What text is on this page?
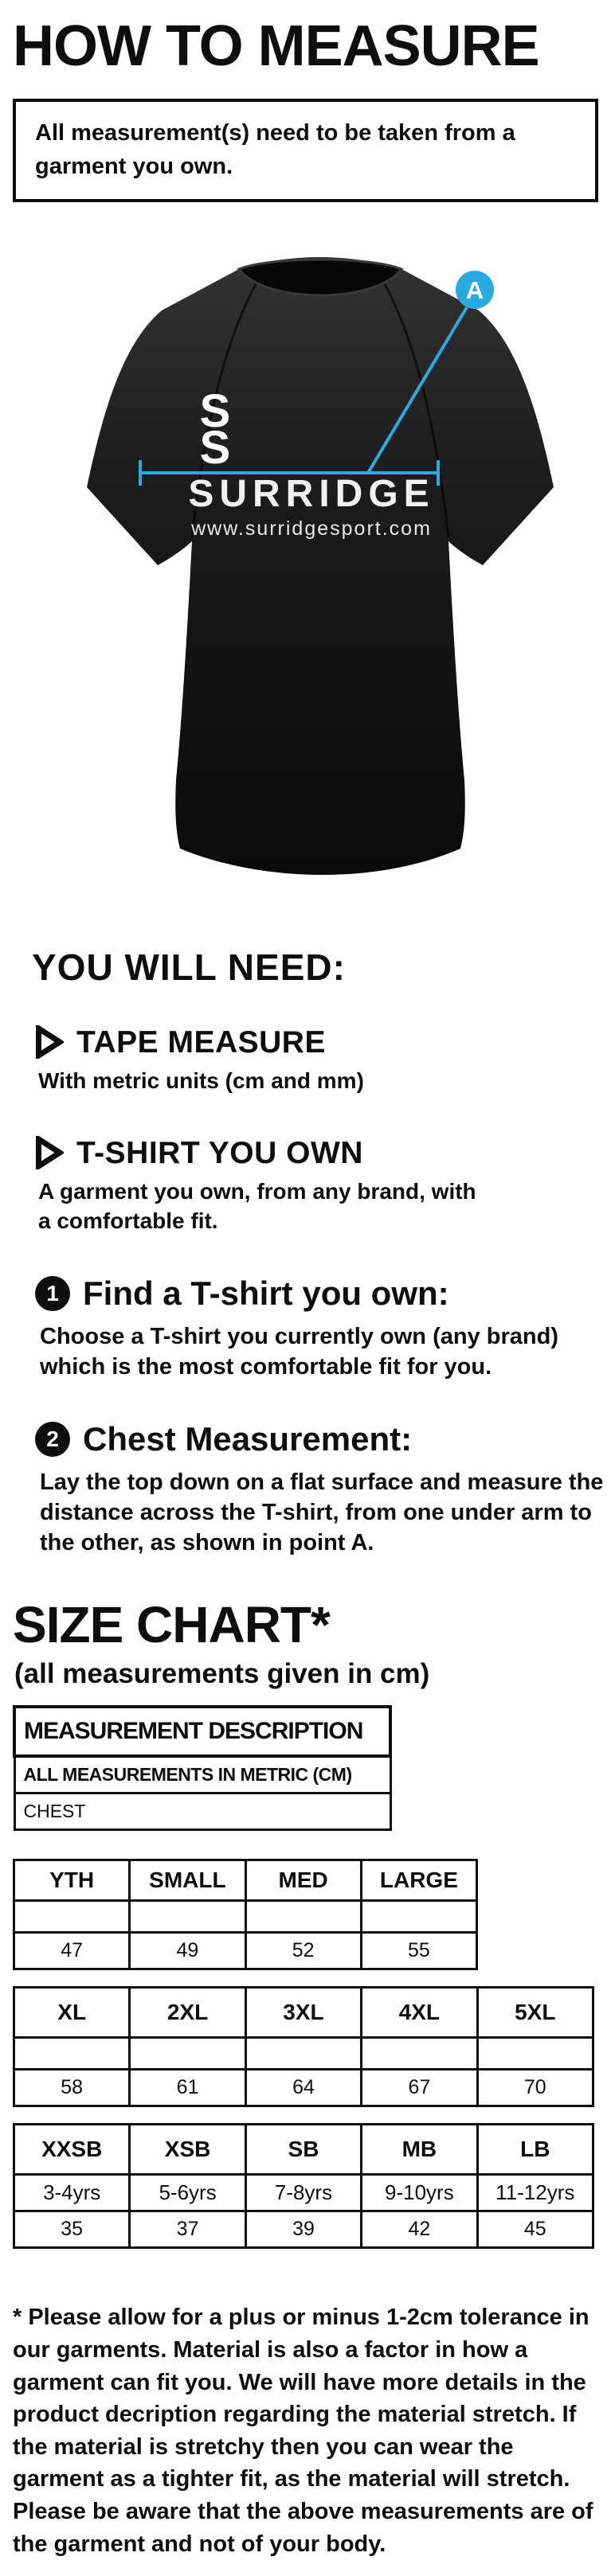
HOW TO MEASURE
All measurement(s) need to be taken from a garment you own.
S
S
A
SURRIDGE
www.surridgesport.com
YOU WILL NEED:
TAPE MEASURE
With metric units (cm and mm)
T-SHIRT YOU OWN
A garment you own, from any brand, with a comfortable fit.
1 Find a T-shirt you own:
Choose a T-shirt you currently own (any brand) which is the most comfortable fit for you.
2 Chest Measurement:
Lay the top down on a flat surface and measure the distance across the T-shirt, from one under arm to the other, as shown in point A.
SIZE CHART*
(all measurements given in cm)
MEASUREMENT DESCRIPTION
ALL MEASUREMENTS IN METRIC (CM)
CHEST
YTH	SMALL	MED	LARGE

47	49	52	55
XL	2XL	3XL	4XL	5XL

58	61	64	67	70
XXSB	XSB	SB	MB	LB
3-4yrs	5-6yrs	7-8yrs	9-10yrs	11-12yrs
35	37	39	42	45
* Please allow for a plus or minus 1-2cm tolerance in our garments. Material is also a factor in how a garment can fit you. We will have more details in the product decription regarding the material stretch. If the material is stretchy then you can wear the garment as a tighter fit, as the material will stretch. Please be aware that the above measurements are of the garment and not of your body.
